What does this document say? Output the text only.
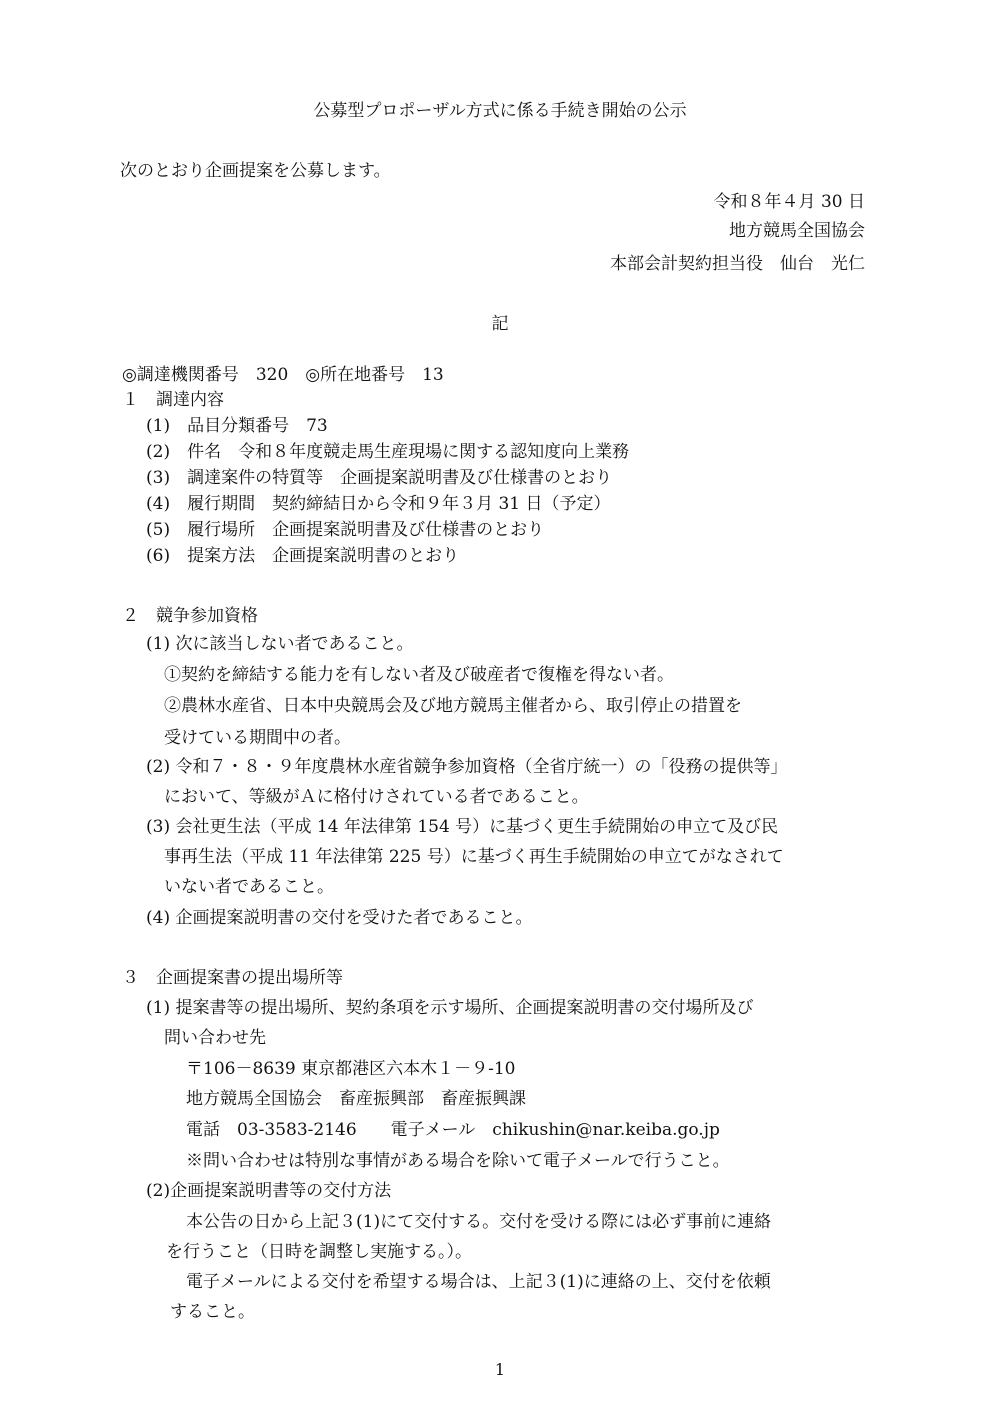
公募型プロポーザル方式に係る手続き開始の公示
次のとおり企画提案を公募します。
令和８年４月 30 日
地方競馬全国協会
本部会計契約担当役　仙台　光仁
記
◎調達機関番号　320　◎所在地番号　13
１　調達内容
(1)　品目分類番号　73
(2)　件名　令和８年度競走馬生産現場に関する認知度向上業務
(3)　調達案件の特質等　企画提案説明書及び仕様書のとおり
(4)　履行期間　契約締結日から令和９年３月 31 日（予定）
(5)　履行場所　企画提案説明書及び仕様書のとおり
(6)　提案方法　企画提案説明書のとおり
２　競争参加資格
(1) 次に該当しない者であること。
①契約を締結する能力を有しない者及び破産者で復権を得ない者。
②農林水産省、日本中央競馬会及び地方競馬主催者から、取引停止の措置を
受けている期間中の者。
(2) 令和７・８・９年度農林水産省競争参加資格（全省庁統一）の「役務の提供等」
において、等級がＡに格付けされている者であること。
(3) 会社更生法（平成 14 年法律第 154 号）に基づく更生手続開始の申立て及び民
事再生法（平成 11 年法律第 225 号）に基づく再生手続開始の申立てがなされて
いない者であること。
(4) 企画提案説明書の交付を受けた者であること。
３　企画提案書の提出場所等
(1) 提案書等の提出場所、契約条項を示す場所、企画提案説明書の交付場所及び
問い合わせ先
〒106－8639 東京都港区六本木１－９-10
地方競馬全国協会　畜産振興部　畜産振興課
電話　03-3583-2146　　電子メール　chikushin@nar.keiba.go.jp
※問い合わせは特別な事情がある場合を除いて電子メールで行うこと。
(2)企画提案説明書等の交付方法
本公告の日から上記３(1)にて交付する。交付を受ける際には必ず事前に連絡
を行うこと（日時を調整し実施する。）。
電子メールによる交付を希望する場合は、上記３(1)に連絡の上、交付を依頼
すること。
1
